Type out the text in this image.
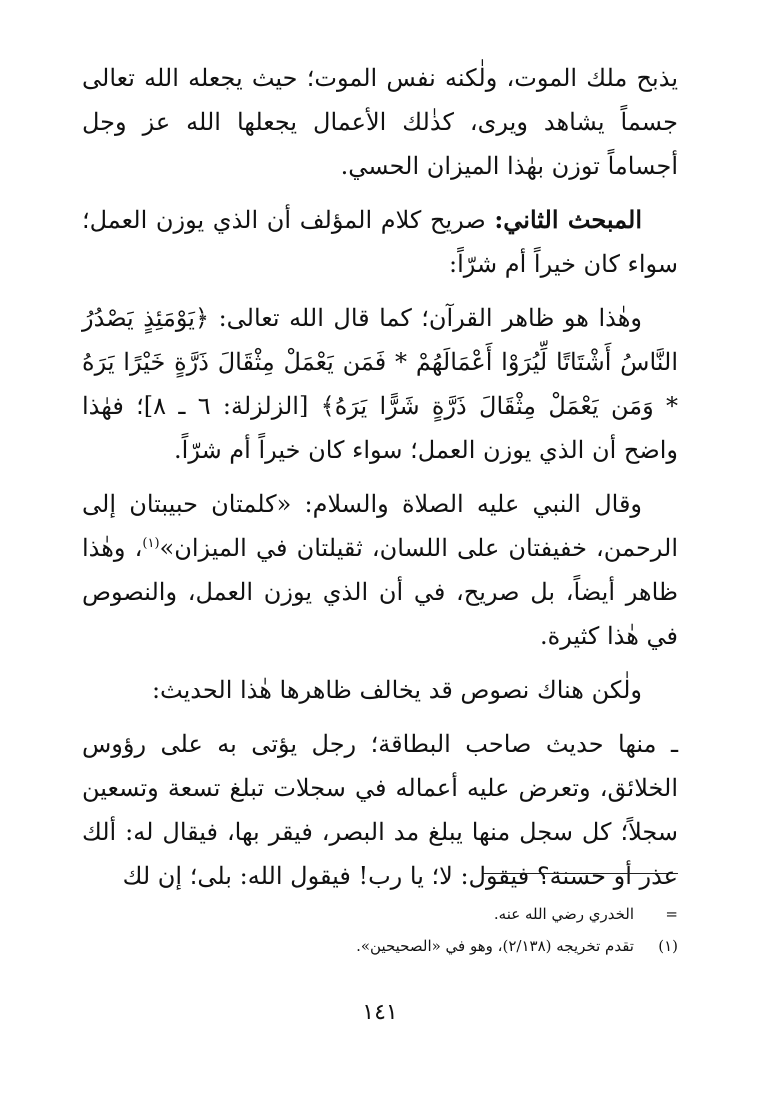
يذبح ملك الموت، ولٰكنه نفس الموت؛ حيث يجعله الله تعالى جسماً يشاهد ويرى، كذٰلك الأعمال يجعلها الله عز وجل أجساماً توزن بهٰذا الميزان الحسي.

المبحث الثاني: صريح كلام المؤلف أن الذي يوزن العمل؛ سواء كان خيراً أم شرّاً:

وهٰذا هو ظاهر القرآن؛ كما قال الله تعالى: ﴿يَوْمَئِذٍ يَصْدُرُ النَّاسُ أَشْتَاتًا لِّيُرَوْا أَعْمَالَهُمْ * فَمَن يَعْمَلْ مِثْقَالَ ذَرَّةٍ خَيْرًا يَرَهُ * وَمَن يَعْمَلْ مِثْقَالَ ذَرَّةٍ شَرًّا يَرَهُ﴾ [الزلزلة: ٦ ـ ٨]؛ فهٰذا واضح أن الذي يوزن العمل؛ سواء كان خيراً أم شرّاً.

وقال النبي عليه الصلاة والسلام: «كلمتان حبيبتان إلى الرحمن، خفيفتان على اللسان، ثقيلتان في الميزان»$^{(١)}$، وهٰذا ظاهر أيضاً، بل صريح، في أن الذي يوزن العمل، والنصوص في هٰذا كثيرة.

ولٰكن هناك نصوص قد يخالف ظاهرها هٰذا الحديث:

ـ منها حديث صاحب البطاقة؛ رجل يؤتى به على رؤوس الخلائق، وتعرض عليه أعماله في سجلات تبلغ تسعة وتسعين سجلاً؛ كل سجل منها يبلغ مد البصر، فيقر بها، فيقال له: ألك عذر أو حسنة؟ فيقول: لا؛ يا رب! فيقول الله: بلى؛ إن لك

=
الخدري رضي الله عنه.

(١)
تقدم تخريجه (٢/١٣٨)، وهو في «الصحيحين».

١٤١
